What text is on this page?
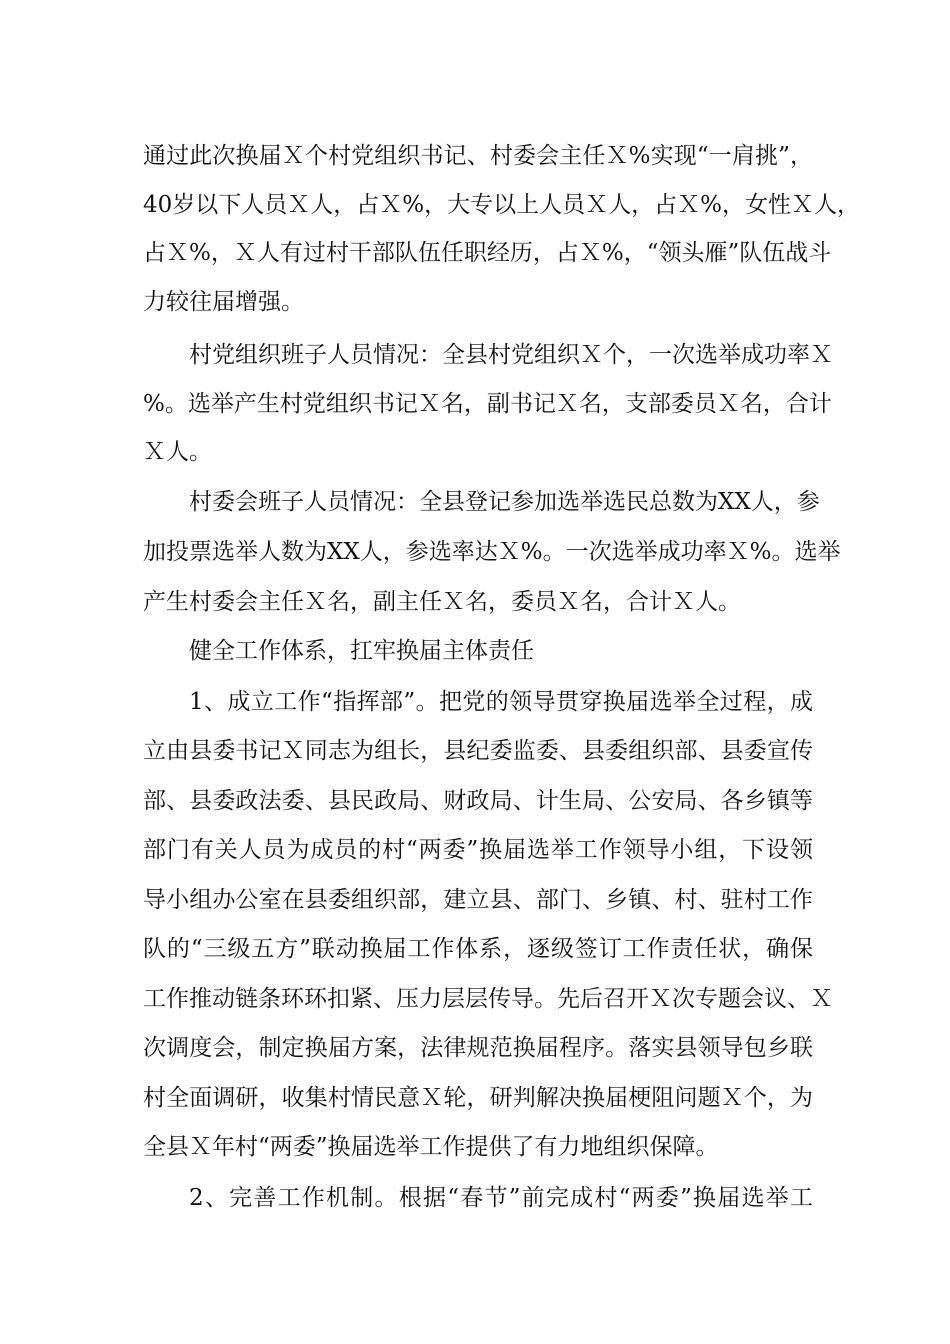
通过此次换届Ｘ个村党组织书记、村委会主任Ｘ%实现“一肩挑”，

40岁以下人员Ｘ人，占Ｘ%，大专以上人员Ｘ人，占Ｘ%，女性Ｘ人，

占Ｘ%，Ｘ人有过村干部队伍任职经历，占Ｘ%，“领头雁”队伍战斗

力较往届增强。

村党组织班子人员情况：全县村党组织Ｘ个，一次选举成功率Ｘ

%。选举产生村党组织书记Ｘ名，副书记Ｘ名，支部委员Ｘ名，合计

Ｘ人。

村委会班子人员情况：全县登记参加选举选民总数为XX人，参

加投票选举人数为XX人，参选率达Ｘ%。一次选举成功率Ｘ%。选举

产生村委会主任Ｘ名，副主任Ｘ名，委员Ｘ名，合计Ｘ人。

健全工作体系，扛牢换届主体责任

1、成立工作“指挥部”。把党的领导贯穿换届选举全过程，成

立由县委书记Ｘ同志为组长，县纪委监委、县委组织部、县委宣传

部、县委政法委、县民政局、财政局、计生局、公安局、各乡镇等

部门有关人员为成员的村“两委”换届选举工作领导小组，下设领

导小组办公室在县委组织部，建立县、部门、乡镇、村、驻村工作

队的“三级五方”联动换届工作体系，逐级签订工作责任状，确保

工作推动链条环环扣紧、压力层层传导。先后召开Ｘ次专题会议、Ｘ

次调度会，制定换届方案，法律规范换届程序。落实县领导包乡联

村全面调研，收集村情民意Ｘ轮，研判解决换届梗阻问题Ｘ个，为

全县Ｘ年村“两委”换届选举工作提供了有力地组织保障。

2、完善工作机制。根据“春节”前完成村“两委”换届选举工
